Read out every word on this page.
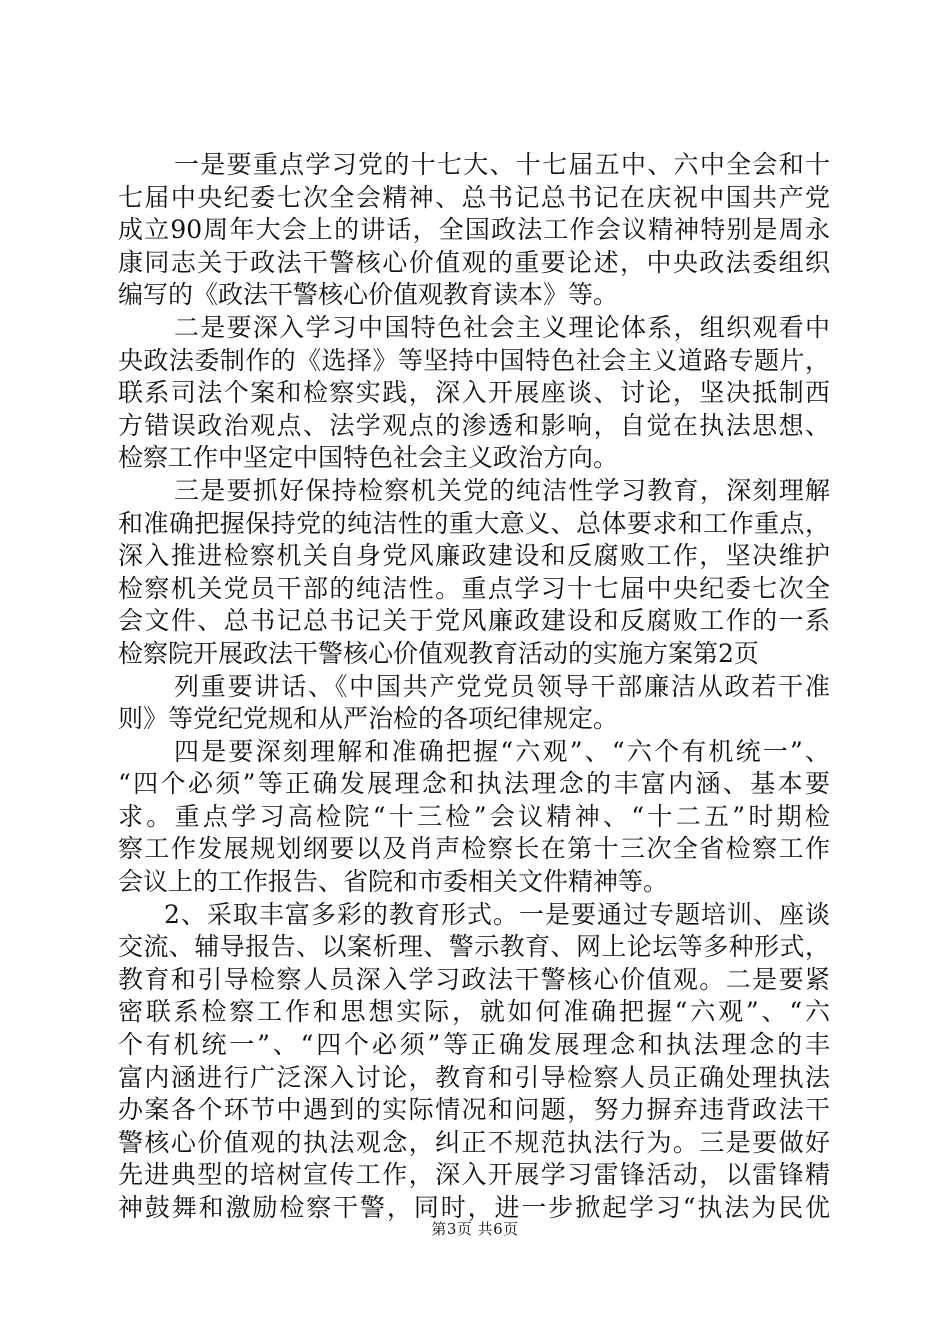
一是要重点学习党的十七大、十七届五中、六中全会和十
七届中央纪委七次全会精神、总书记总书记在庆祝中国共产党
成立90周年大会上的讲话，全国政法工作会议精神特别是周永
康同志关于政法干警核心价值观的重要论述，中央政法委组织
编写的《政法干警核心价值观教育读本》等。
二是要深入学习中国特色社会主义理论体系，组织观看中
央政法委制作的《选择》等坚持中国特色社会主义道路专题片，
联系司法个案和检察实践，深入开展座谈、讨论，坚决抵制西
方错误政治观点、法学观点的渗透和影响，自觉在执法思想、
检察工作中坚定中国特色社会主义政治方向。
三是要抓好保持检察机关党的纯洁性学习教育，深刻理解
和准确把握保持党的纯洁性的重大意义、总体要求和工作重点，
深入推进检察机关自身党风廉政建设和反腐败工作，坚决维护
检察机关党员干部的纯洁性。重点学习十七届中央纪委七次全
会文件、总书记总书记关于党风廉政建设和反腐败工作的一系
检察院开展政法干警核心价值观教育活动的实施方案第2页
列重要讲话、《中国共产党党员领导干部廉洁从政若干准
则》等党纪党规和从严治检的各项纪律规定。
四是要深刻理解和准确把握“六观”、“六个有机统一”、
“四个必须”等正确发展理念和执法理念的丰富内涵、基本要
求。重点学习高检院“十三检”会议精神、“十二五”时期检
察工作发展规划纲要以及肖声检察长在第十三次全省检察工作
会议上的工作报告、省院和市委相关文件精神等。
2、采取丰富多彩的教育形式。一是要通过专题培训、座谈
交流、辅导报告、以案析理、警示教育、网上论坛等多种形式，
教育和引导检察人员深入学习政法干警核心价值观。二是要紧
密联系检察工作和思想实际，就如何准确把握“六观”、“六
个有机统一”、“四个必须”等正确发展理念和执法理念的丰
富内涵进行广泛深入讨论，教育和引导检察人员正确处理执法
办案各个环节中遇到的实际情况和问题，努力摒弃违背政法干
警核心价值观的执法观念，纠正不规范执法行为。三是要做好
先进典型的培树宣传工作，深入开展学习雷锋活动，以雷锋精
神鼓舞和激励检察干警，同时，进一步掀起学习“执法为民优
第3页 共6页
